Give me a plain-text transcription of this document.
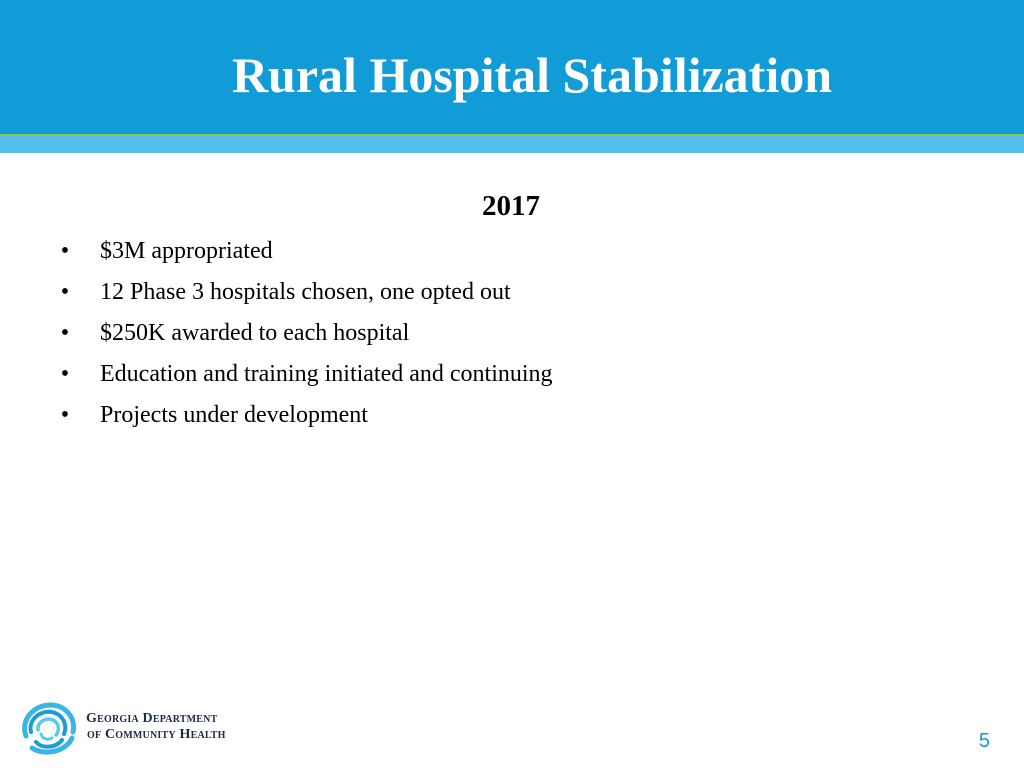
Rural Hospital Stabilization
2017
• $3M appropriated
• 12 Phase 3 hospitals chosen, one opted out
• $250K awarded to each hospital
• Education and training initiated and continuing
• Projects under development
Georgia Department
of Community Health	5
